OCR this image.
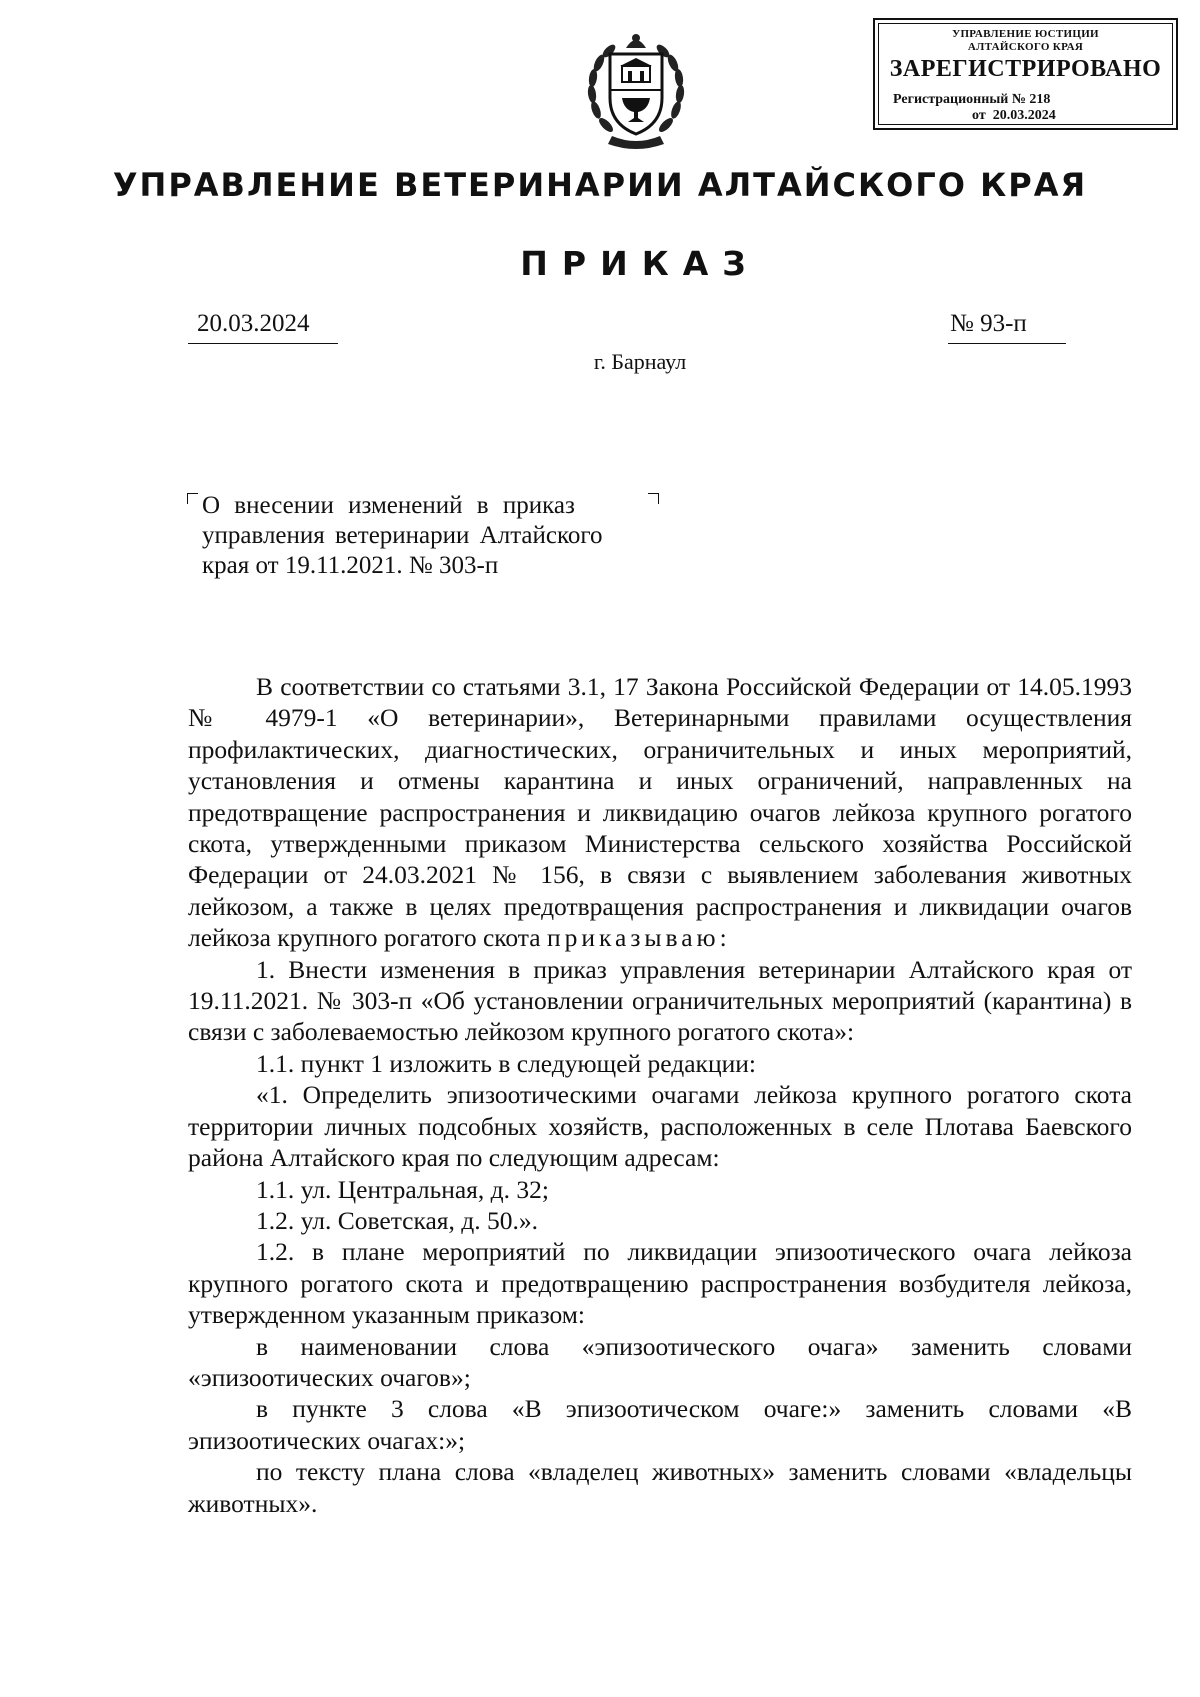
УПРАВЛЕНИЕ ЮСТИЦИИ
АЛТАЙСКОГО КРАЯ
ЗАРЕГИСТРИРОВАНО
Регистрационный № 218
от 20.03.2024
УПРАВЛЕНИЕ ВЕТЕРИНАРИИ АЛТАЙСКОГО КРАЯ
ПРИКАЗ
20.03.2024	№ 93-п
г. Барнаул
О внесении изменений в приказ
управления ветеринарии Алтайского
края от 19.11.2021. № 303-п

В соответствии со статьями 3.1, 17 Закона Российской Федерации от 14.05.1993 № 4979-1 «О ветеринарии», Ветеринарными правилами осуществления профилактических, диагностических, ограничительных и иных мероприятий, установления и отмены карантина и иных ограничений, направленных на предотвращение распространения и ликвидацию очагов лейкоза крупного рогатого скота, утвержденными приказом Министерства сельского хозяйства Российской Федерации от 24.03.2021 № 156, в связи с выявлением заболевания животных лейкозом, а также в целях предотвращения распространения и ликвидации очагов лейкоза крупного рогатого скота приказываю:

1. Внести изменения в приказ управления ветеринарии Алтайского края от 19.11.2021. № 303-п «Об установлении ограничительных мероприятий (карантина) в связи с заболеваемостью лейкозом крупного рогатого скота»:

1.1. пункт 1 изложить в следующей редакции:

«1. Определить эпизоотическими очагами лейкоза крупного рогатого скота территории личных подсобных хозяйств, расположенных в селе Плотава Баевского района Алтайского края по следующим адресам:

1.1. ул. Центральная, д. 32;

1.2. ул. Советская, д. 50.».

1.2. в плане мероприятий по ликвидации эпизоотического очага лейкоза крупного рогатого скота и предотвращению распространения возбудителя лейкоза, утвержденном указанным приказом:

в наименовании слова «эпизоотического очага» заменить словами «эпизоотических очагов»;

в пункте 3 слова «В эпизоотическом очаге:» заменить словами «В эпизоотических очагах:»;

по тексту плана слова «владелец животных» заменить словами «владельцы животных».
